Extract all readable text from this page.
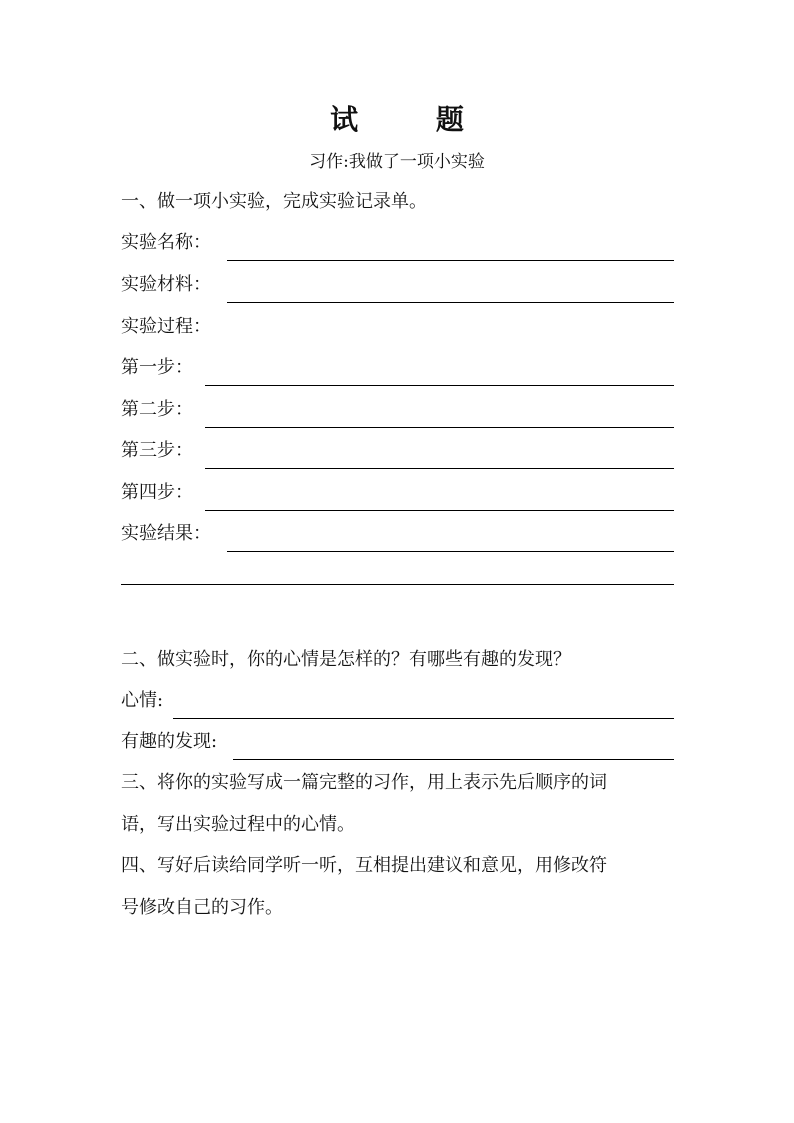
试 题
习作:我做了一项小实验
一、做一项小实验，完成实验记录单。
实验名称：
实验材料：
实验过程：
第一步：
第二步：
第三步：
第四步：
实验结果：
二、做实验时，你的心情是怎样的？有哪些有趣的发现？
心情:
有趣的发现:
三、将你的实验写成一篇完整的习作，用上表示先后顺序的词
语，写出实验过程中的心情。
四、写好后读给同学听一听，互相提出建议和意见，用修改符
号修改自己的习作。
